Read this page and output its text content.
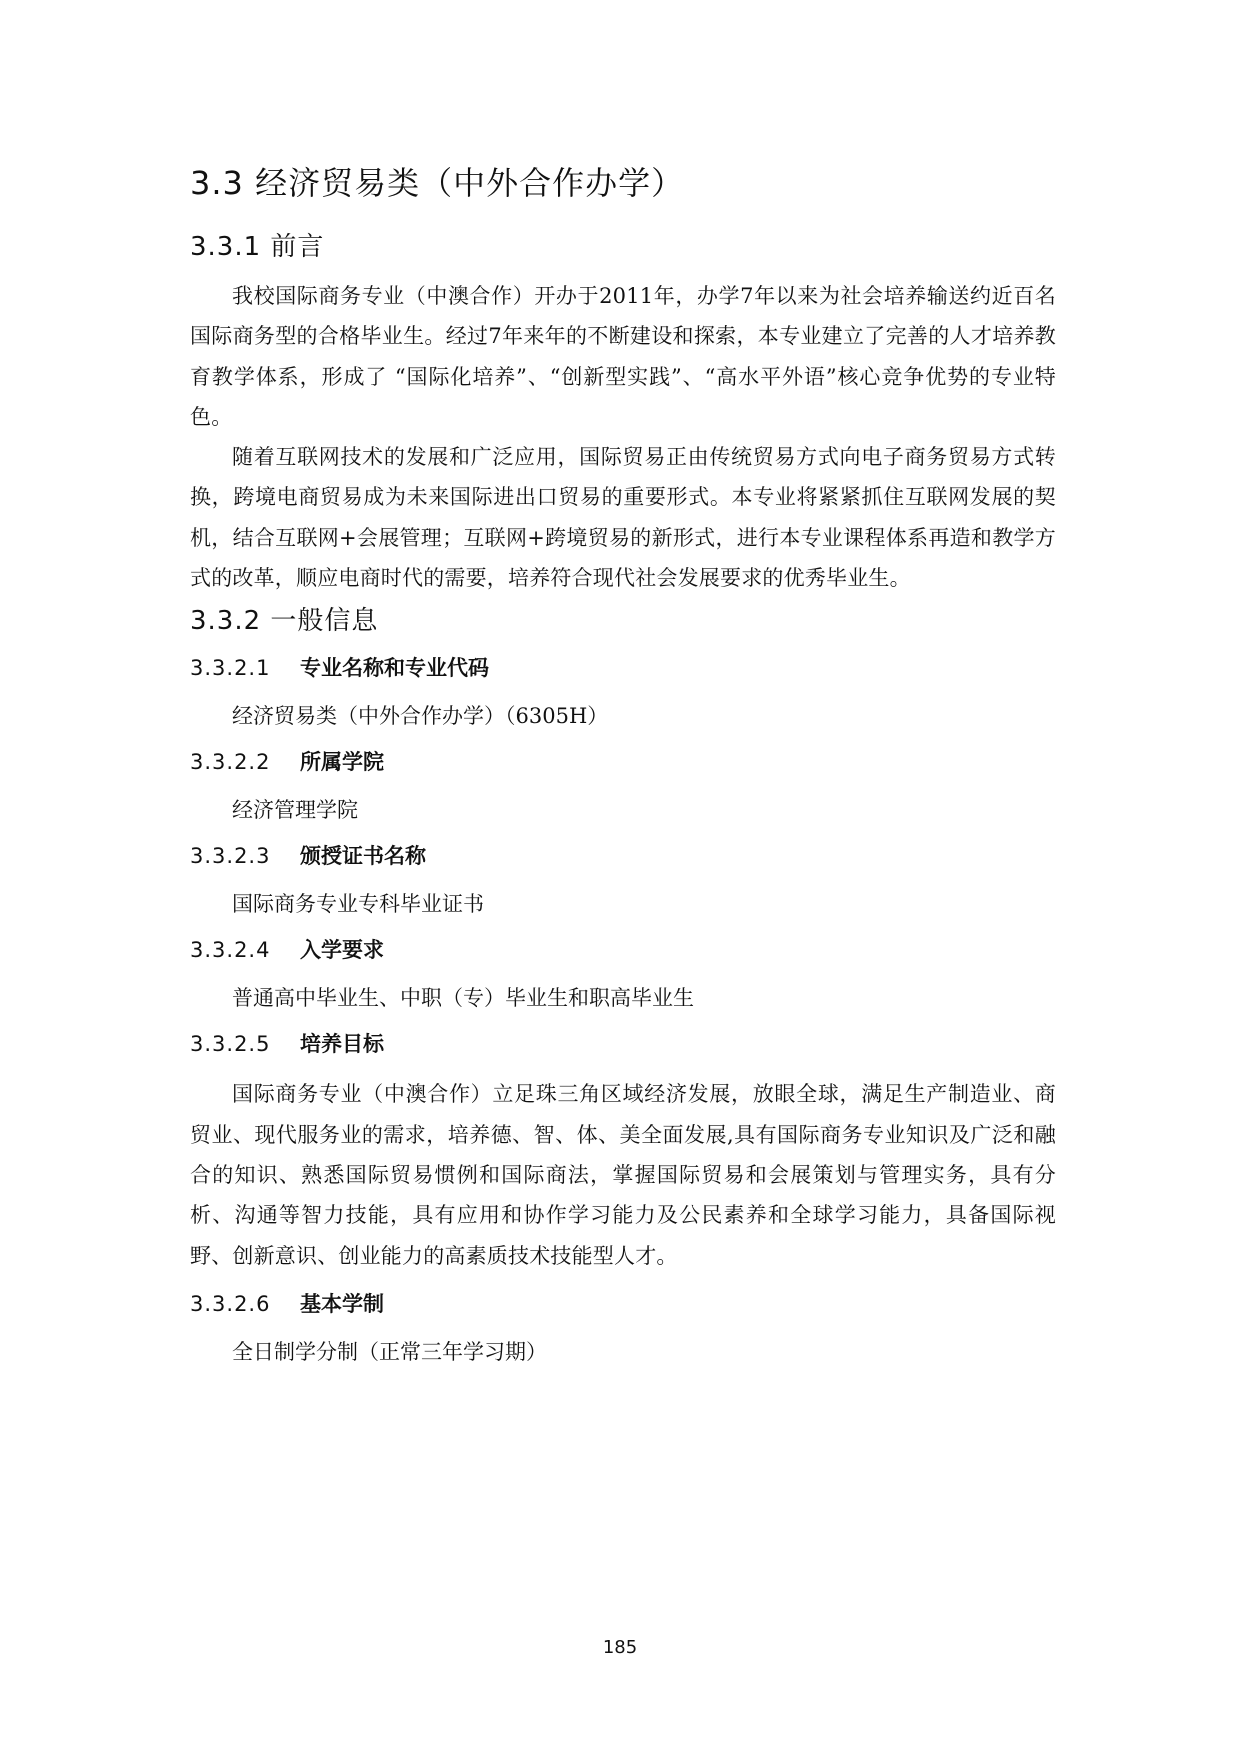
3.3 经济贸易类（中外合作办学）
3.3.1 前言

我校国际商务专业（中澳合作）开办于2011年，办学7年以来为社会培养输送约近百名国际商务型的合格毕业生。经过7年来年的不断建设和探索，本专业建立了完善的人才培养教育教学体系，形成了 “国际化培养”、“创新型实践”、“高水平外语”核心竞争优势的专业特色。

随着互联网技术的发展和广泛应用，国际贸易正由传统贸易方式向电子商务贸易方式转换，跨境电商贸易成为未来国际进出口贸易的重要形式。本专业将紧紧抓住互联网发展的契机，结合互联网+会展管理；互联网+跨境贸易的新形式，进行本专业课程体系再造和教学方式的改革，顺应电商时代的需要，培养符合现代社会发展要求的优秀毕业生。

3.3.2 一般信息
3.3.2.1 专业名称和专业代码

经济贸易类（中外合作办学）（6305H）

3.3.2.2 所属学院

经济管理学院

3.3.2.3 颁授证书名称

国际商务专业专科毕业证书

3.3.2.4 入学要求

普通高中毕业生、中职（专）毕业生和职高毕业生

3.3.2.5 培养目标

国际商务专业（中澳合作）立足珠三角区域经济发展，放眼全球，满足生产制造业、商贸业、现代服务业的需求，培养德、智、体、美全面发展,具有国际商务专业知识及广泛和融合的知识、熟悉国际贸易惯例和国际商法，掌握国际贸易和会展策划与管理实务，具有分析、沟通等智力技能，具有应用和协作学习能力及公民素养和全球学习能力，具备国际视野、创新意识、创业能力的高素质技术技能型人才。

3.3.2.6 基本学制

全日制学分制（正常三年学习期）

185
